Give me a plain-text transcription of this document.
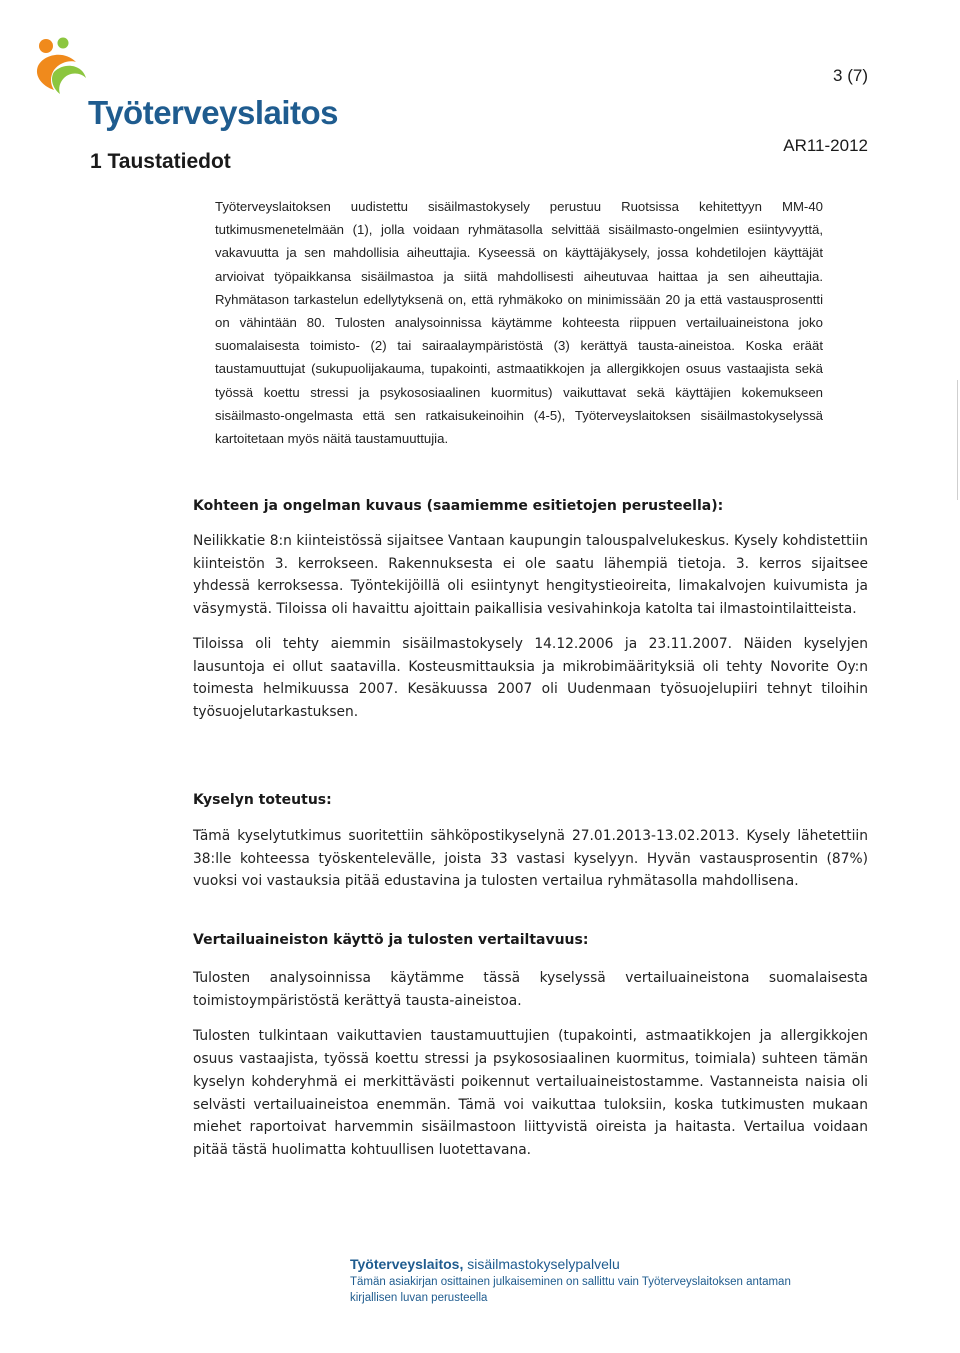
Työterveyslaitos
3 (7)
AR11-2012
1 Taustatiedot

Työterveyslaitoksen uudistettu sisäilmastokysely perustuu Ruotsissa kehitettyyn MM-40 tutkimusmenetelmään (1), jolla voidaan ryhmätasolla selvittää sisäilmasto-ongelmien esiintyvyyttä, vakavuutta ja sen mahdollisia aiheuttajia. Kyseessä on käyttäjäkysely, jossa kohdetilojen käyttäjät arvioivat työpaikkansa sisäilmastoa ja siitä mahdollisesti aiheutuvaa haittaa ja sen aiheuttajia. Ryhmätason tarkastelun edellytyksenä on, että ryhmäkoko on minimissään 20 ja että vastausprosentti on vähintään 80. Tulosten analysoinnissa käytämme kohteesta riippuen vertailuaineistona joko suomalaisesta toimisto- (2) tai sairaalaympäristöstä (3) kerättyä tausta-aineistoa. Koska eräät taustamuuttujat (sukupuolijakauma, tupakointi, astmaatikkojen ja allergikkojen osuus vastaajista sekä työssä koettu stressi ja psykososiaalinen kuormitus) vaikuttavat sekä käyttäjien kokemukseen sisäilmasto-ongelmasta että sen ratkaisukeinoihin (4-5), Työterveyslaitoksen sisäilmastokyselyssä kartoitetaan myös näitä taustamuuttujia.

Kohteen ja ongelman kuvaus (saamiemme esitietojen perusteella):

Neilikkatie 8:n kiinteistössä sijaitsee Vantaan kaupungin talouspalvelukeskus. Kysely kohdistettiin kiinteistön 3. kerrokseen. Rakennuksesta ei ole saatu lähempiä tietoja. 3. kerros sijaitsee yhdessä kerroksessa. Työntekijöillä oli esiintynyt hengitystieoireita, limakalvojen kuivumista ja väsymystä. Tiloissa oli havaittu ajoittain paikallisia vesivahinkoja katolta tai ilmastointilaitteista.

Tiloissa oli tehty aiemmin sisäilmastokysely 14.12.2006 ja 23.11.2007. Näiden kyselyjen lausuntoja ei ollut saatavilla. Kosteusmittauksia ja mikrobimäärityksiä oli tehty Novorite Oy:n toimesta helmikuussa 2007. Kesäkuussa 2007 oli Uudenmaan työsuojelupiiri tehnyt tiloihin työsuojelutarkastuksen.

Kyselyn toteutus:

Tämä kyselytutkimus suoritettiin sähköpostikyselynä 27.01.2013-13.02.2013. Kysely lähetettiin 38:lle kohteessa työskentelevälle, joista 33 vastasi kyselyyn. Hyvän vastausprosentin (87%) vuoksi voi vastauksia pitää edustavina ja tulosten vertailua ryhmätasolla mahdollisena.

Vertailuaineiston käyttö ja tulosten vertailtavuus:

Tulosten analysoinnissa käytämme tässä kyselyssä vertailuaineistona suomalaisesta toimistoympäristöstä kerättyä tausta-aineistoa.

Tulosten tulkintaan vaikuttavien taustamuuttujien (tupakointi, astmaatikkojen ja allergikkojen osuus vastaajista, työssä koettu stressi ja psykososiaalinen kuormitus, toimiala) suhteen tämän kyselyn kohderyhmä ei merkittävästi poikennut vertailuaineistostamme. Vastanneista naisia oli selvästi vertailuaineistoa enemmän. Tämä voi vaikuttaa tuloksiin, koska tutkimusten mukaan miehet raportoivat harvemmin sisäilmastoon liittyvistä oireista ja haitasta. Vertailua voidaan pitää tästä huolimatta kohtuullisen luotettavana.

Työterveyslaitos, sisäilmastokyselypalvelu
Tämän asiakirjan osittainen julkaiseminen on sallittu vain Työterveyslaitoksen antaman
kirjallisen luvan perusteella
